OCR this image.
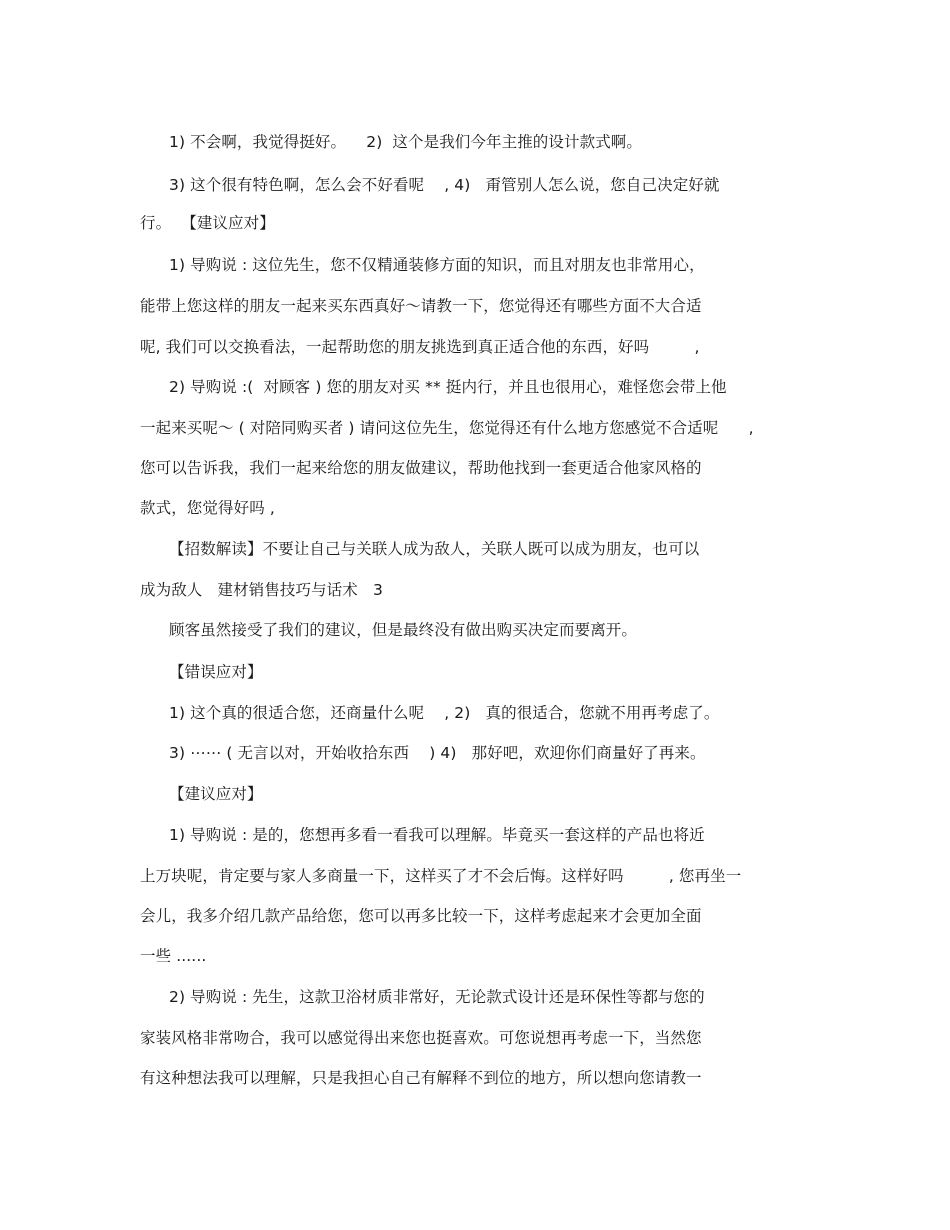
1) 不会啊，我觉得挺好。    2)  这个是我们今年主推的设计款式啊。
3) 这个很有特色啊，怎么会不好看呢    , 4)   甭管别人怎么说，您自己决定好就
行。  【建议应对】
1) 导购说 : 这位先生，您不仅精通装修方面的知识，而且对朋友也非常用心，
能带上您这样的朋友一起来买东西真好～请教一下，您觉得还有哪些方面不大合适
呢, 我们可以交换看法，一起帮助您的朋友挑选到真正适合他的东西，好吗         ,
2) 导购说 :(  对顾客 ) 您的朋友对买 ** 挺内行，并且也很用心，难怪您会带上他
一起来买呢～ ( 对陪同购买者 ) 请问这位先生，您觉得还有什么地方您感觉不合适呢      ,
您可以告诉我，我们一起来给您的朋友做建议，帮助他找到一套更适合他家风格的
款式，您觉得好吗 ,
【招数解读】不要让自己与关联人成为敌人，关联人既可以成为朋友，也可以
成为敌人   建材销售技巧与话术   3
顾客虽然接受了我们的建议，但是最终没有做出购买决定而要离开。
【错误应对】
1) 这个真的很适合您，还商量什么呢    , 2)   真的很适合，您就不用再考虑了。
3) ⋯⋯ ( 无言以对，开始收拾东西    ) 4)   那好吧，欢迎你们商量好了再来。
【建议应对】
1) 导购说 : 是的，您想再多看一看我可以理解。毕竟买一套这样的产品也将近
上万块呢，肯定要与家人多商量一下，这样买了才不会后悔。这样好吗         , 您再坐一
会儿，我多介绍几款产品给您，您可以再多比较一下，这样考虑起来才会更加全面
一些 ......
2) 导购说 : 先生，这款卫浴材质非常好，无论款式设计还是环保性等都与您的
家装风格非常吻合，我可以感觉得出来您也挺喜欢。可您说想再考虑一下，当然您
有这种想法我可以理解，只是我担心自己有解释不到位的地方，所以想向您请教一
